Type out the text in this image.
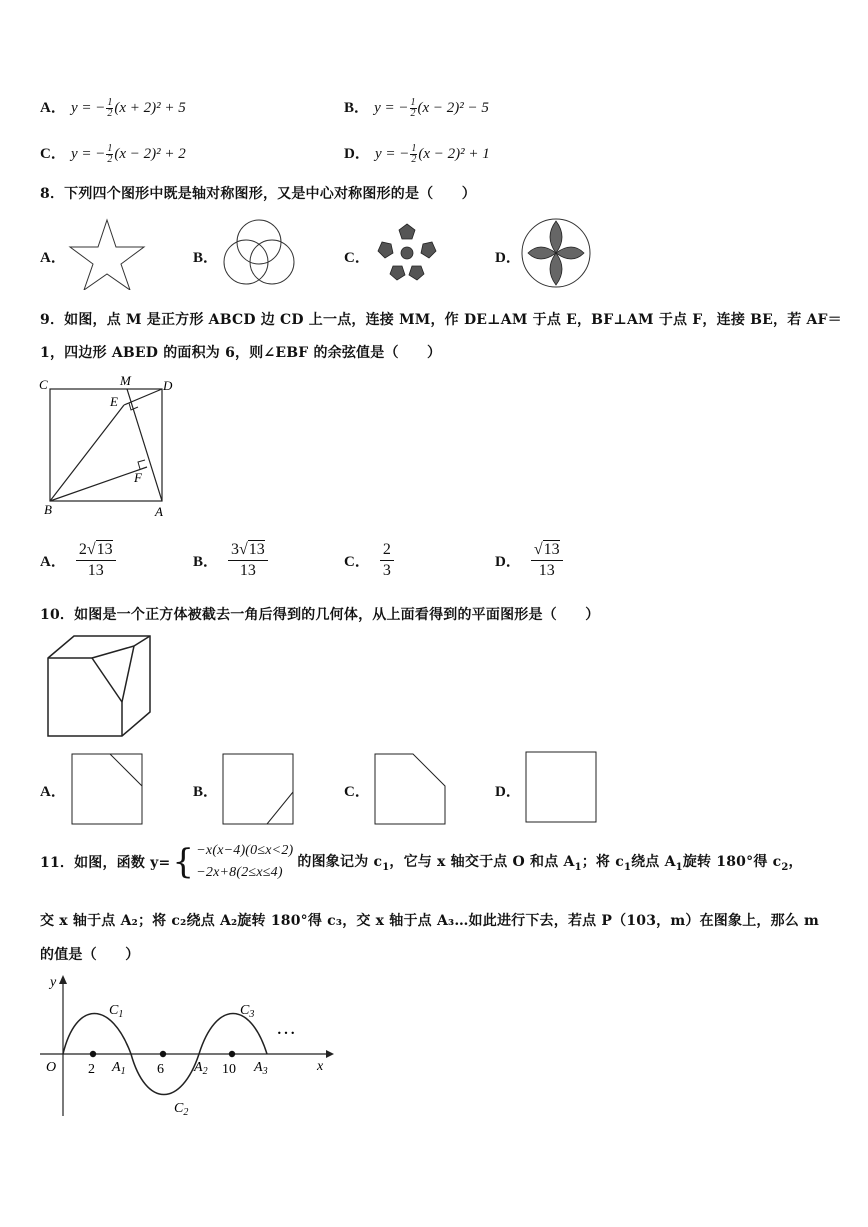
A． y = − $\frac{1}{2} (x + 2)^2 + 5$	B． y = − $\frac{1}{2} (x - 2)^2 - 5$
C． y = − $\frac{1}{2} (x - 2)^2 + 2$	D． y = − $\frac{1}{2} (x - 2)^2 + 1$
8．下列四个图形中既是轴对称图形，又是中心对称图形的是（　　）
A．	B．	C．	D．
9．如图，点 M 是正方形 ABCD 边 CD 上一点，连接 MM，作 DE⊥AM 于点 E，BF⊥AM 于点 F，连接 BE，若 AF＝
1，四边形 ABED 的面积为 6，则∠EBF 的余弦值是（　　）
C	M D
E
F
B	A
A．
2√13
13	B．
3√13
13	C．
2
3	D．
√13
13
10．如图是一个正方体被截去一角后得到的几何体，从上面看得到的平面图形是（　　）
A．	B．	C．	D．
11．如图，函数 y= { −x(x−4)(0≤x<2)
−2x+8(2≤x≤4)
的图象记为 $c_1$，它与 x 轴交于点 O 和点 $A_1$；将 $c_1$绕点 $A_1$旋转 180°得 $c_2$，
交 x 轴于点 A₂；将 c₂绕点 A₂旋转 180°得 c₃，交 x 轴于点 A₃…如此进行下去，若点 P（103，m）在图象上，那么 m
的值是（　　）
y
x
O 2 $A_1$ 6 $A_2$ 10 $A_3$
$C_1$
$C_2$
$C_3$
…
